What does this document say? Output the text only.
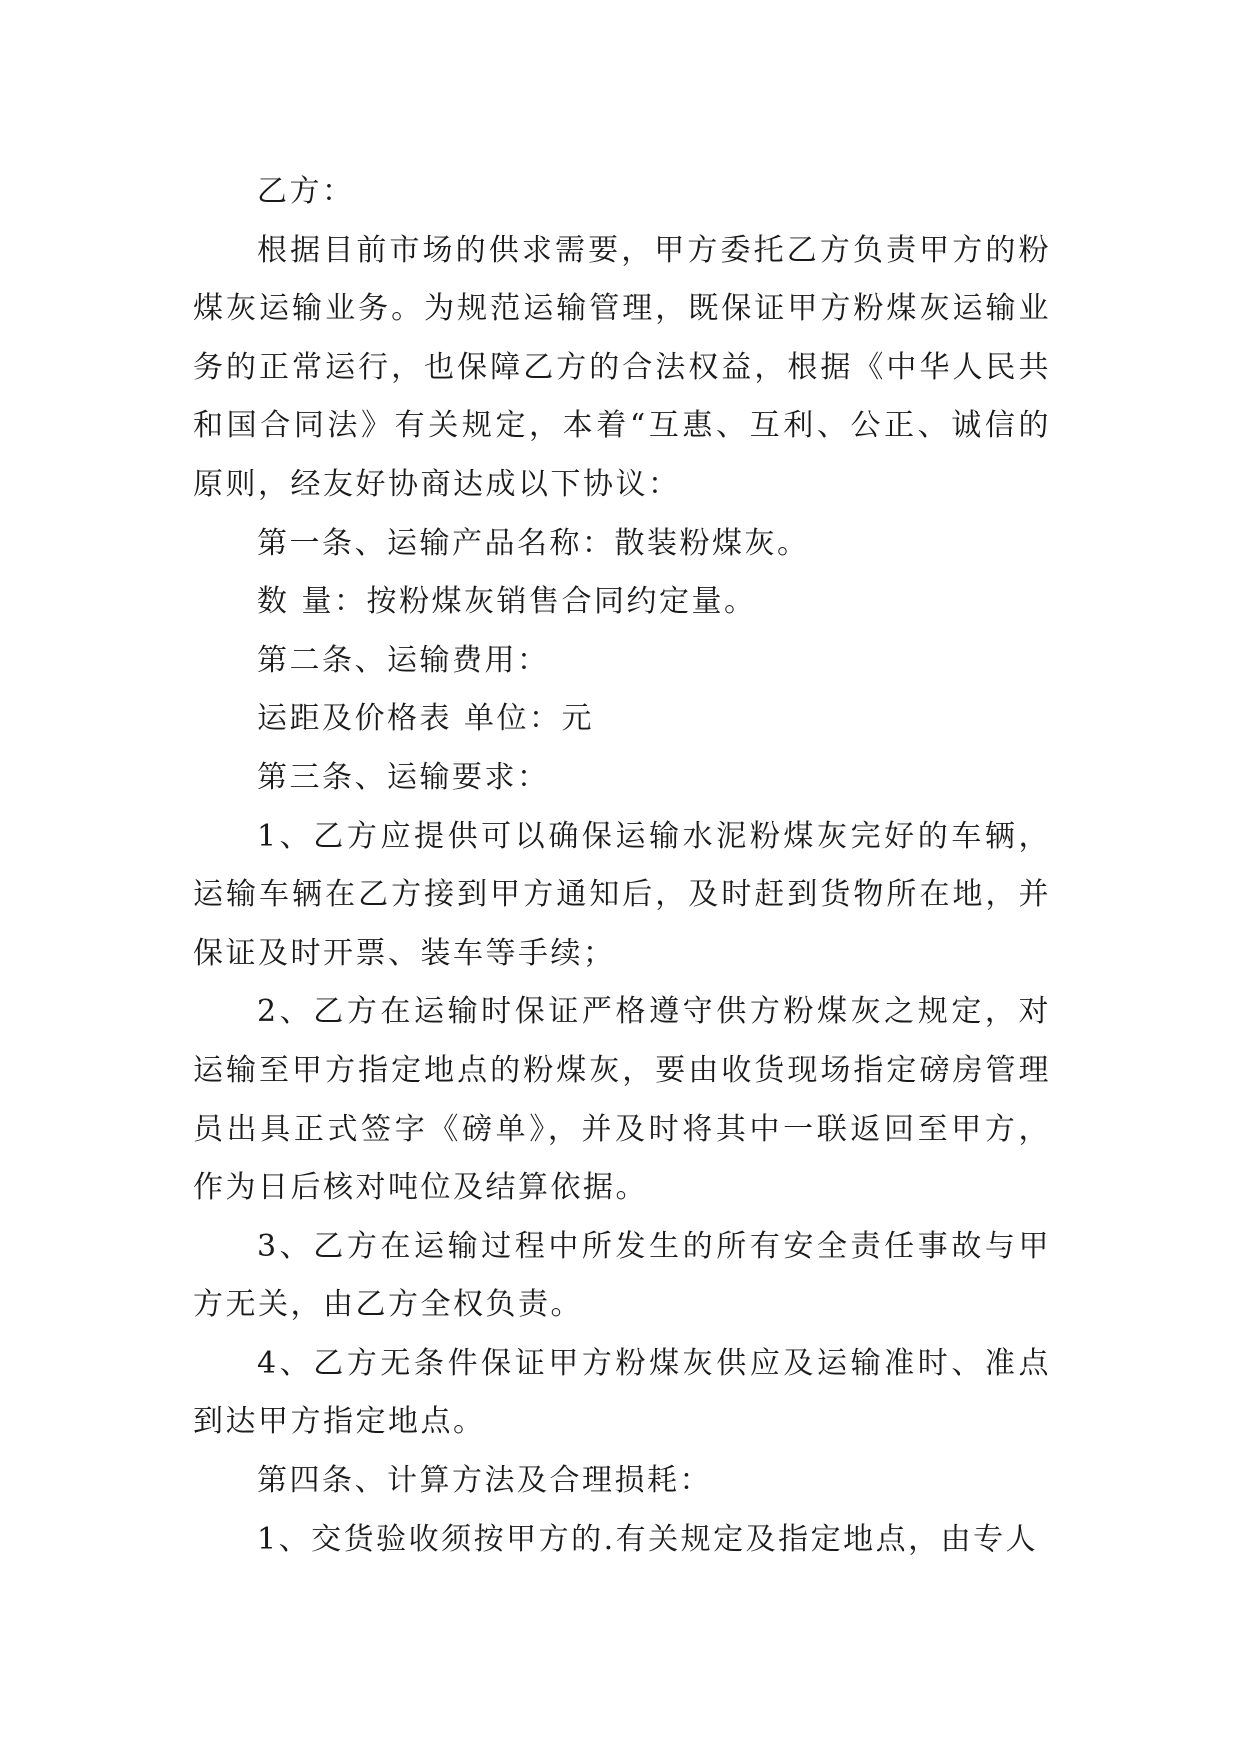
乙方：

根据目前市场的供求需要，甲方委托乙方负责甲方的粉煤灰运输业务。为规范运输管理，既保证甲方粉煤灰运输业务的正常运行，也保障乙方的合法权益，根据《中华人民共和国合同法》有关规定，本着“互惠、互利、公正、诚信的原则，经友好协商达成以下协议：

第一条、运输产品名称：散装粉煤灰。

数 量：按粉煤灰销售合同约定量。

第二条、运输费用：

运距及价格表 单位：元

第三条、运输要求：

1、乙方应提供可以确保运输水泥粉煤灰完好的车辆，运输车辆在乙方接到甲方通知后，及时赶到货物所在地，并保证及时开票、装车等手续；

2、乙方在运输时保证严格遵守供方粉煤灰之规定，对运输至甲方指定地点的粉煤灰，要由收货现场指定磅房管理员出具正式签字《磅单》，并及时将其中一联返回至甲方，作为日后核对吨位及结算依据。

3、乙方在运输过程中所发生的所有安全责任事故与甲方无关，由乙方全权负责。

4、乙方无条件保证甲方粉煤灰供应及运输准时、准点到达甲方指定地点。

第四条、计算方法及合理损耗：

1、交货验收须按甲方的.有关规定及指定地点，由专人
